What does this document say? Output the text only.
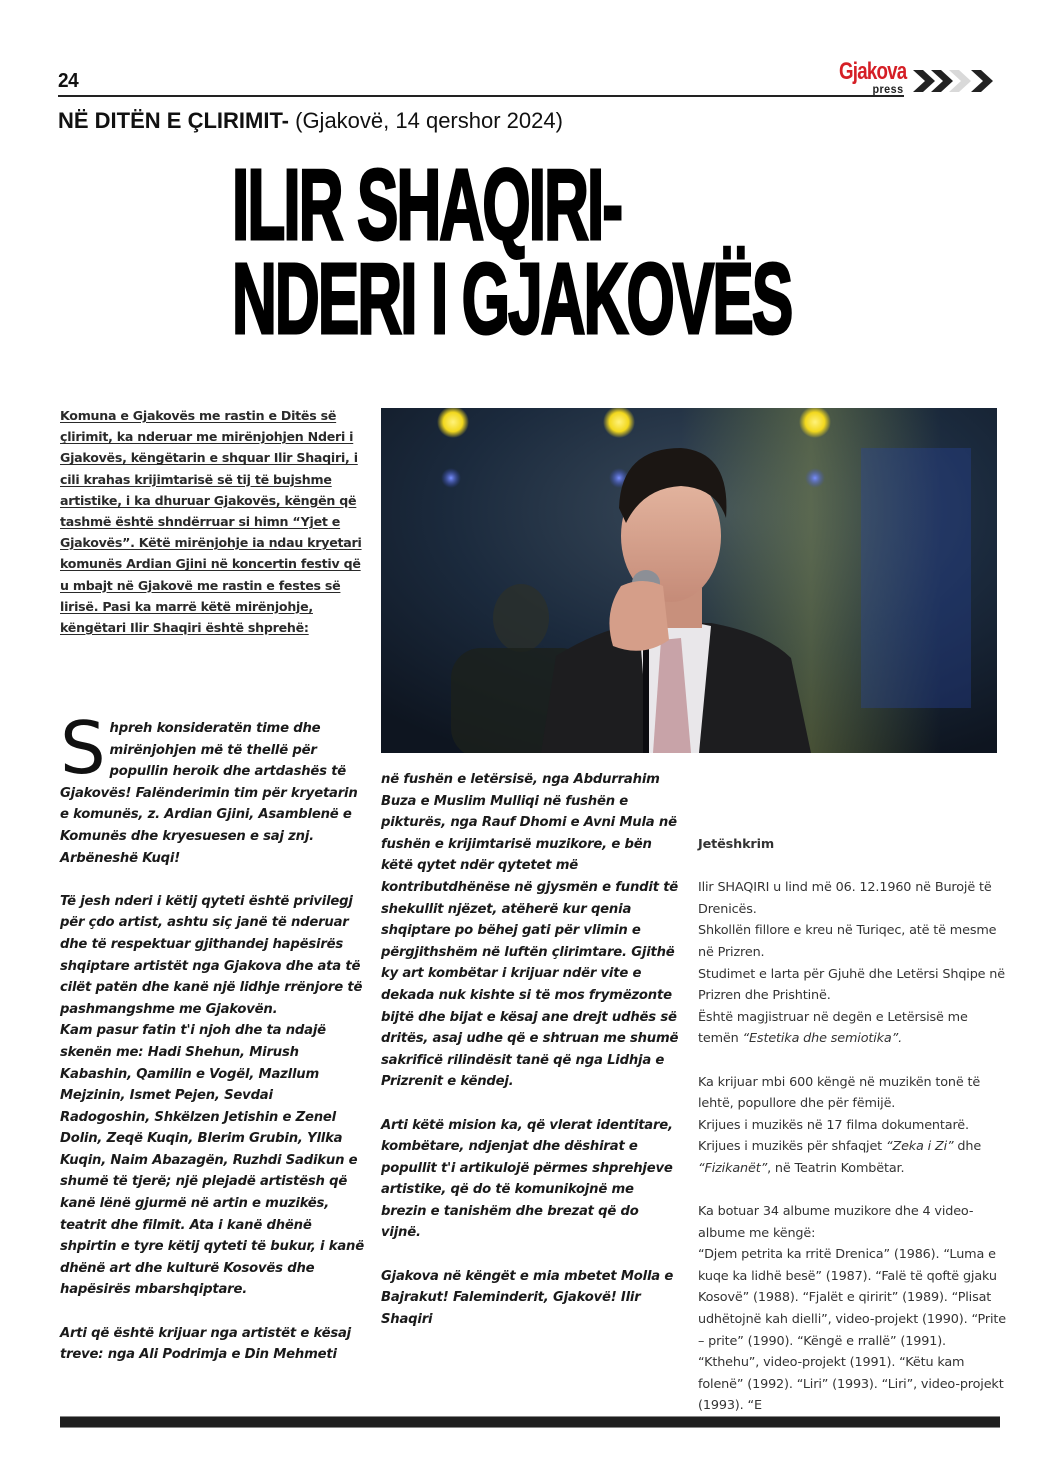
24	Gjakova
press
NË DITËN E ÇLIRIMIT- (Gjakovë, 14 qershor 2024)
ILIR SHAQIRI-
NDERI I GJAKOVËS
Komuna e Gjakovës me rastin e Ditës së çlirimit, ka nderuar me mirënjohjen Nderi i Gjakovës, këngëtarin e shquar Ilir Shaqiri, i cili krahas krijimtarisë së tij të bujshme artistike, i ka dhuruar Gjakovës, këngën që tashmë është shndërruar si himn “Yjet e Gjakovës”. Këtë mirënjohje ia ndau kryetari komunës Ardian Gjini në koncertin festiv që u mbajt në Gjakovë me rastin e festes së lirisë. Pasi ka marrë këtë mirënjohje, këngëtari Ilir Shaqiri është shprehë:

Shpreh konsideratën time dhe mirënjohjen më të thellë për popullin heroik dhe artdashës të Gjakovës! Falënderimin tim për kryetarin e komunës, z. Ardian Gjini, Asamblenë e Komunës dhe kryesuesen e saj znj. Arbëneshë Kuqi!

Të jesh nderi i këtij qyteti është privilegj për çdo artist, ashtu siç janë të nderuar dhe të respektuar gjithandej hapësirës shqiptare artistët nga Gjakova dhe ata të cilët patën dhe kanë një lidhje rrënjore të pashmangshme me Gjakovën.

Kam pasur fatin t'i njoh dhe ta ndajë skenën me: Hadi Shehun, Mirush Kabashin, Qamilin e Vogël, Mazllum Mejzinin, Ismet Pejen, Sevdai Radogoshin, Shkëlzen Jetishin e Zenel Dolin, Zeqë Kuqin, Blerim Grubin, Yllka Kuqin, Naim Abazagën, Ruzhdi Sadikun e shumë të tjerë; një plejadë artistësh që kanë lënë gjurmë në artin e muzikës, teatrit dhe filmit. Ata i kanë dhënë shpirtin e tyre këtij qyteti të bukur, i kanë dhënë art dhe kulturë Kosovës dhe hapësirës mbarshqiptare.

Arti që është krijuar nga artistët e kësaj treve: nga Ali Podrimja e Din Mehmeti

në fushën e letërsisë, nga Abdurrahim Buza e Muslim Mulliqi në fushën e pikturës, nga Rauf Dhomi e Avni Mula në fushën e krijimtarisë muzikore, e bën këtë qytet ndër qytetet më kontributdhënëse në gjysmën e fundit të shekullit njëzet, atëherë kur qenia shqiptare po bëhej gati për vlimin e përgjithshëm në luftën çlirimtare. Gjithë ky art kombëtar i krijuar ndër vite e dekada nuk kishte si të mos frymëzonte bijtë dhe bijat e kësaj ane drejt udhës së dritës, asaj udhe që e shtruan me shumë sakrificë rilindësit tanë që nga Lidhja e Prizrenit e këndej.

Arti këtë mision ka, që vlerat identitare, kombëtare, ndjenjat dhe dëshirat e popullit t'i artikulojë përmes shprehjeve artistike, që do të komunikojnë me brezin e tanishëm dhe brezat që do vijnë.

Gjakova në këngët e mia mbetet Molla e Bajrakut! Faleminderit, Gjakovë! Ilir Shaqiri

Jetëshkrim
Ilir SHAQIRI u lind më 06. 12.1960 në Burojë të Drenicës.
Shkollën fillore e kreu në Turiqec, atë të mesme në Prizren.
Studimet e larta për Gjuhë dhe Letërsi Shqipe në Prizren dhe Prishtinë.
Është magjistruar në degën e Letërsisë me temën “Estetika dhe semiotika”.
Ka krijuar mbi 600 këngë në muzikën tonë të lehtë, popullore dhe për fëmijë.
Krijues i muzikës në 17 filma dokumentarë.
Krijues i muzikës për shfaqjet “Zeka i Zi” dhe “Fizikanët”, në Teatrin Kombëtar.
Ka botuar 34 albume muzikore dhe 4 video-albume me këngë:
“Djem petrita ka rritë Drenica” (1986). “Luma e kuqe ka lidhë besë” (1987). “Falë të qoftë gjaku Kosovë” (1988). “Fjalët e qiririt” (1989). “Plisat udhëtojnë kah dielli”, video-projekt (1990). “Prite – prite” (1990). “Këngë e rrallë” (1991). “Kthehu”, video-projekt (1991). “Këtu kam folenë” (1992). “Liri” (1993). “Liri”, video-projekt (1993). “E
